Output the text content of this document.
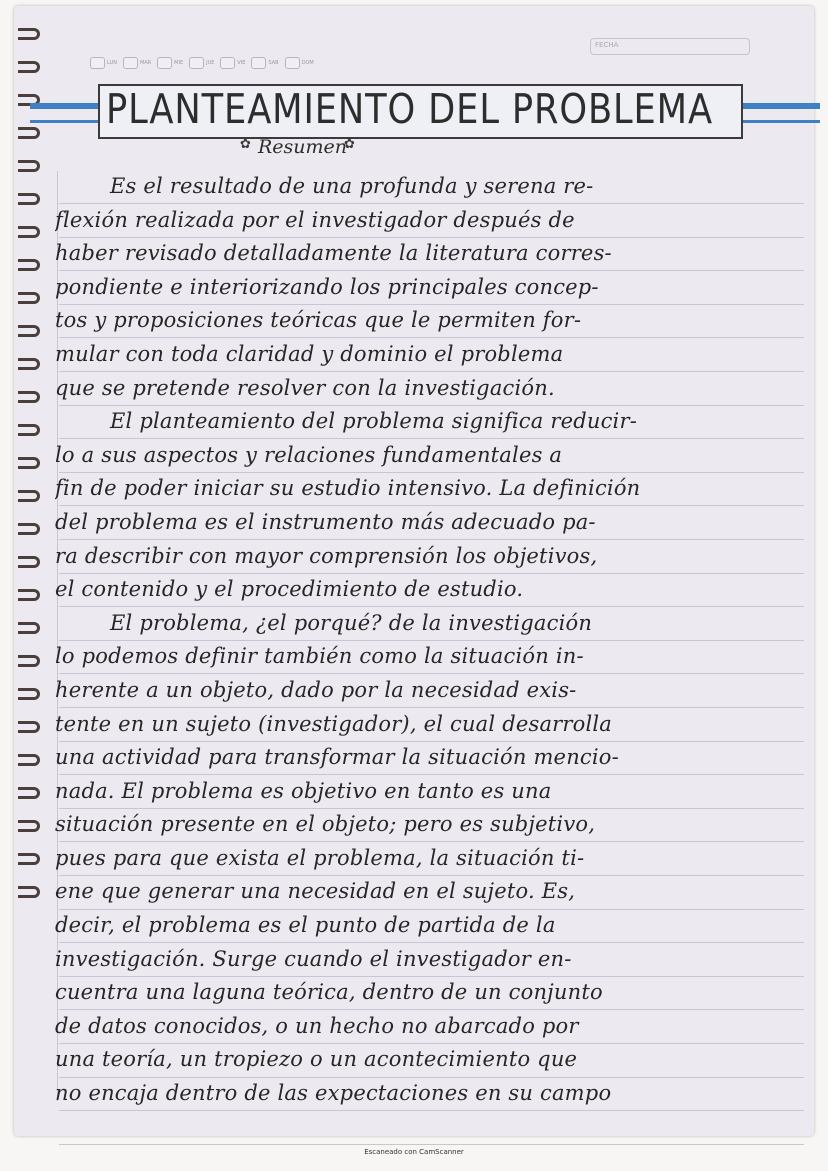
LUN	MAR	MIE	JUE	VIE	SAB	DOM
FECHA
PLANTEAMIENTO DEL PROBLEMA
✿ Resumen
✿
Es el resultado de una profunda y serena re-
flexión realizada por el investigador después de
haber revisado detalladamente la literatura corres-
pondiente e interiorizando los principales concep-
tos y proposiciones teóricas que le permiten for-
mular con toda claridad y dominio el problema
que se pretende resolver con la investigación.
El planteamiento del problema significa reducir-
lo a sus aspectos y relaciones fundamentales a
fin de poder iniciar su estudio intensivo. La definición
del problema es el instrumento más adecuado pa-
ra describir con mayor comprensión los objetivos,
el contenido y el procedimiento de estudio.
El problema, ¿el porqué? de la investigación
lo podemos definir también como la situación in-
herente a un objeto, dado por la necesidad exis-
tente en un sujeto (investigador), el cual desarrolla
una actividad para transformar la situación mencio-
nada. El problema es objetivo en tanto es una
situación presente en el objeto; pero es subjetivo,
pues para que exista el problema, la situación ti-
ene que generar una necesidad en el sujeto. Es,
decir, el problema es el punto de partida de la
investigación. Surge cuando el investigador en-
cuentra una laguna teórica, dentro de un conjunto
de datos conocidos, o un hecho no abarcado por
una teoría, un tropiezo o un acontecimiento que
no encaja dentro de las expectaciones en su campo
Escaneado con CamScanner
